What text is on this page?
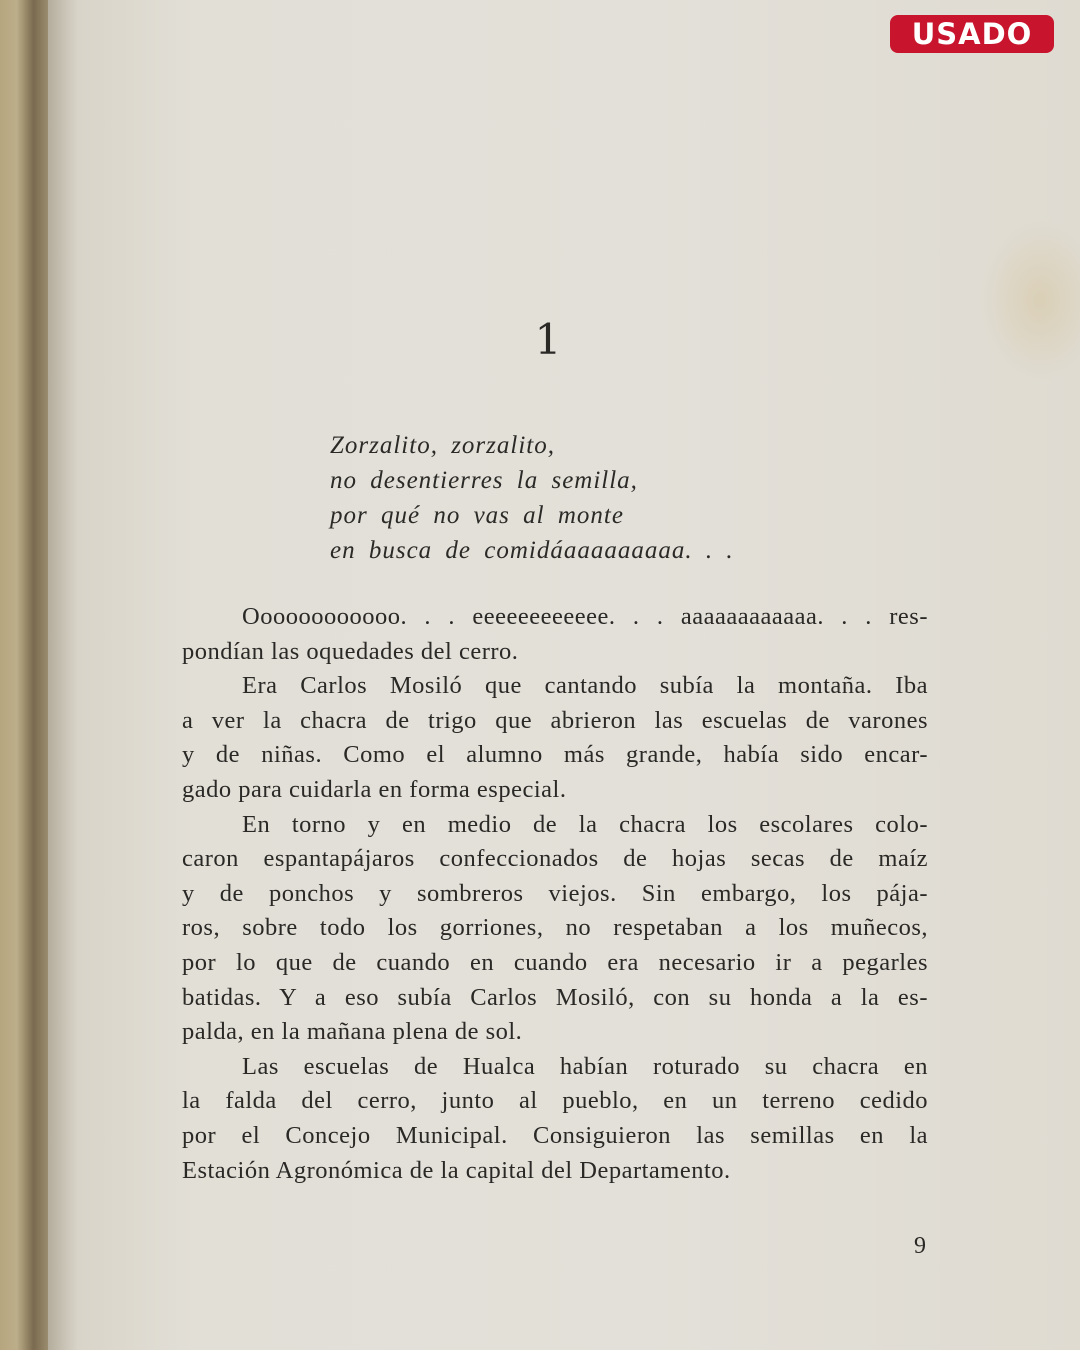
USADO
1
Zorzalito, zorzalito,
no desentierres la semilla,
por qué no vas al monte
en busca de comidáaaaaaaaaa. . .
Oooooooooooo. . . eeeeeeeeeeee. . . aaaaaaaaaaaa. . . res-
pondían las oquedades del cerro.
Era Carlos Mosiló que cantando subía la montaña. Iba
a ver la chacra de trigo que abrieron las escuelas de varones
y de niñas. Como el alumno más grande, había sido encar-
gado para cuidarla en forma especial.
En torno y en medio de la chacra los escolares colo-
caron espantapájaros confeccionados de hojas secas de maíz
y de ponchos y sombreros viejos. Sin embargo, los pája-
ros, sobre todo los gorriones, no respetaban a los muñecos,
por lo que de cuando en cuando era necesario ir a pegarles
batidas. Y a eso subía Carlos Mosiló, con su honda a la es-
palda, en la mañana plena de sol.
Las escuelas de Hualca habían roturado su chacra en
la falda del cerro, junto al pueblo, en un terreno cedido
por el Concejo Municipal. Consiguieron las semillas en la
Estación Agronómica de la capital del Departamento.
9
